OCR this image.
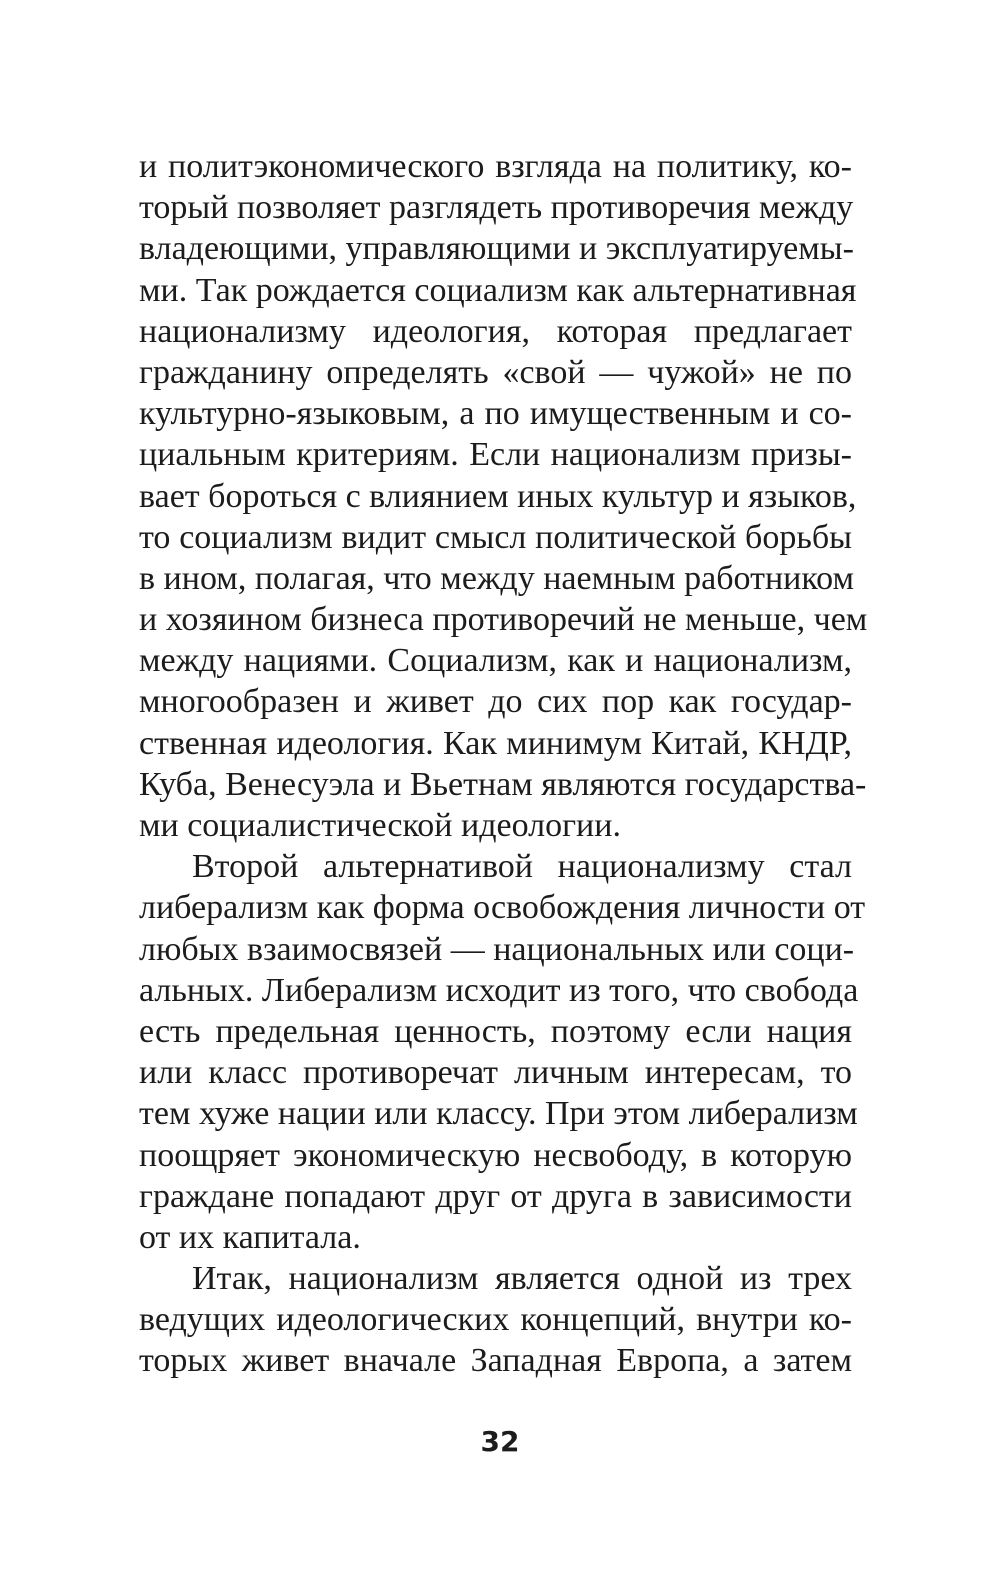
и политэкономического взгляда на политику, ко-
торый позволяет разглядеть противоречия между
владеющими, управляющими и эксплуатируемы-
ми. Так рождается социализм как альтернативная
национализму идеология, которая предлагает
гражданину определять «свой — чужой» не по
культурно-языковым, а по имущественным и со-
циальным критериям. Если национализм призы-
вает бороться с влиянием иных культур и языков,
то социализм видит смысл политической борьбы
в ином, полагая, что между наемным работником
и хозяином бизнеса противоречий не меньше, чем
между нациями. Социализм, как и национализм,
многообразен и живет до сих пор как государ-
ственная идеология. Как минимум Китай, КНДР,
Куба, Венесуэла и Вьетнам являются государства-
ми социалистической идеологии.
Второй альтернативой национализму стал
либерализм как форма освобождения личности от
любых взаимосвязей — национальных или соци-
альных. Либерализм исходит из того, что свобода
есть предельная ценность, поэтому если нация
или класс противоречат личным интересам, то
тем хуже нации или классу. При этом либерализм
поощряет экономическую несвободу, в которую
граждане попадают друг от друга в зависимости
от их капитала.
Итак, национализм является одной из трех
ведущих идеологических концепций, внутри ко-
торых живет вначале Западная Европа, а затем
32
